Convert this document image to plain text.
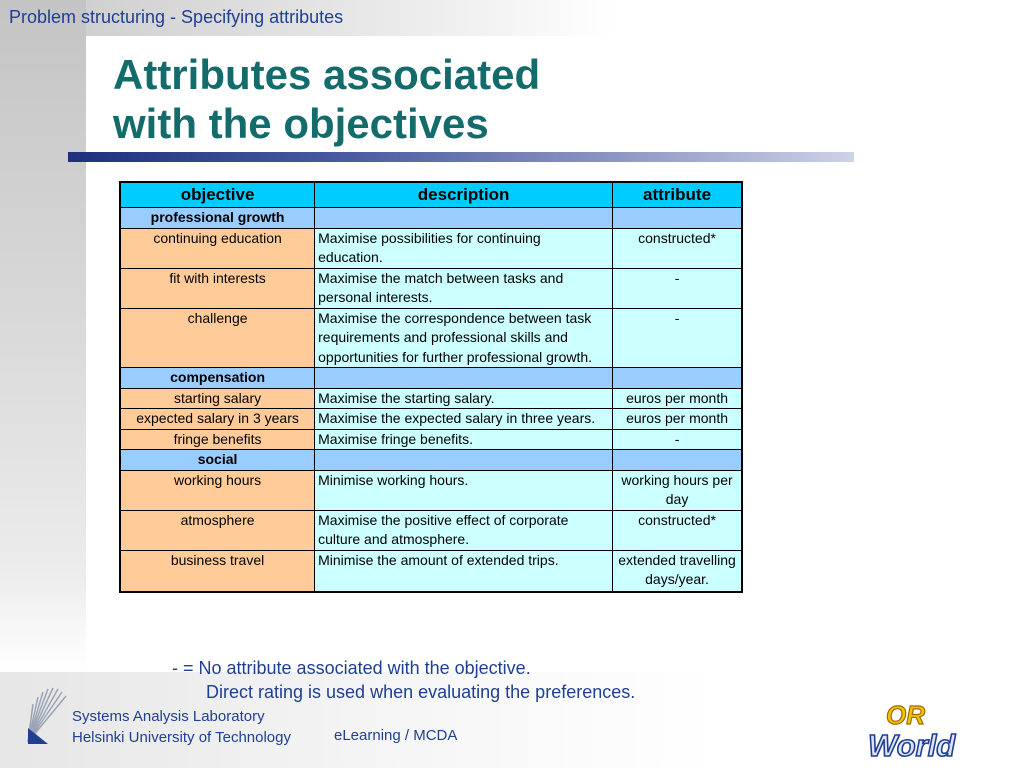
Problem structuring - Specifying attributes
Attributes associated
with the objectives
objective	description	attribute
professional growth		
continuing education	Maximise possibilities for continuing education.	constructed*
fit with interests	Maximise the match between tasks and personal interests.	-
challenge	Maximise the correspondence between task requirements and professional skills and opportunities for further professional growth.	-
compensation		
starting salary	Maximise the starting salary.	euros per month
expected salary in 3 years	Maximise the expected salary in three years.	euros per month
fringe benefits	Maximise fringe benefits.	-
social		
working hours	Minimise working hours.	working hours per day
atmosphere	Maximise the positive effect of corporate culture and atmosphere.	constructed*
business travel	Minimise the amount of extended trips.	extended travelling days/year.
- = No attribute associated with the objective.
Direct rating is used when evaluating the preferences.
Systems Analysis Laboratory
Helsinki University of Technology	eLearning / MCDA
OR
World
